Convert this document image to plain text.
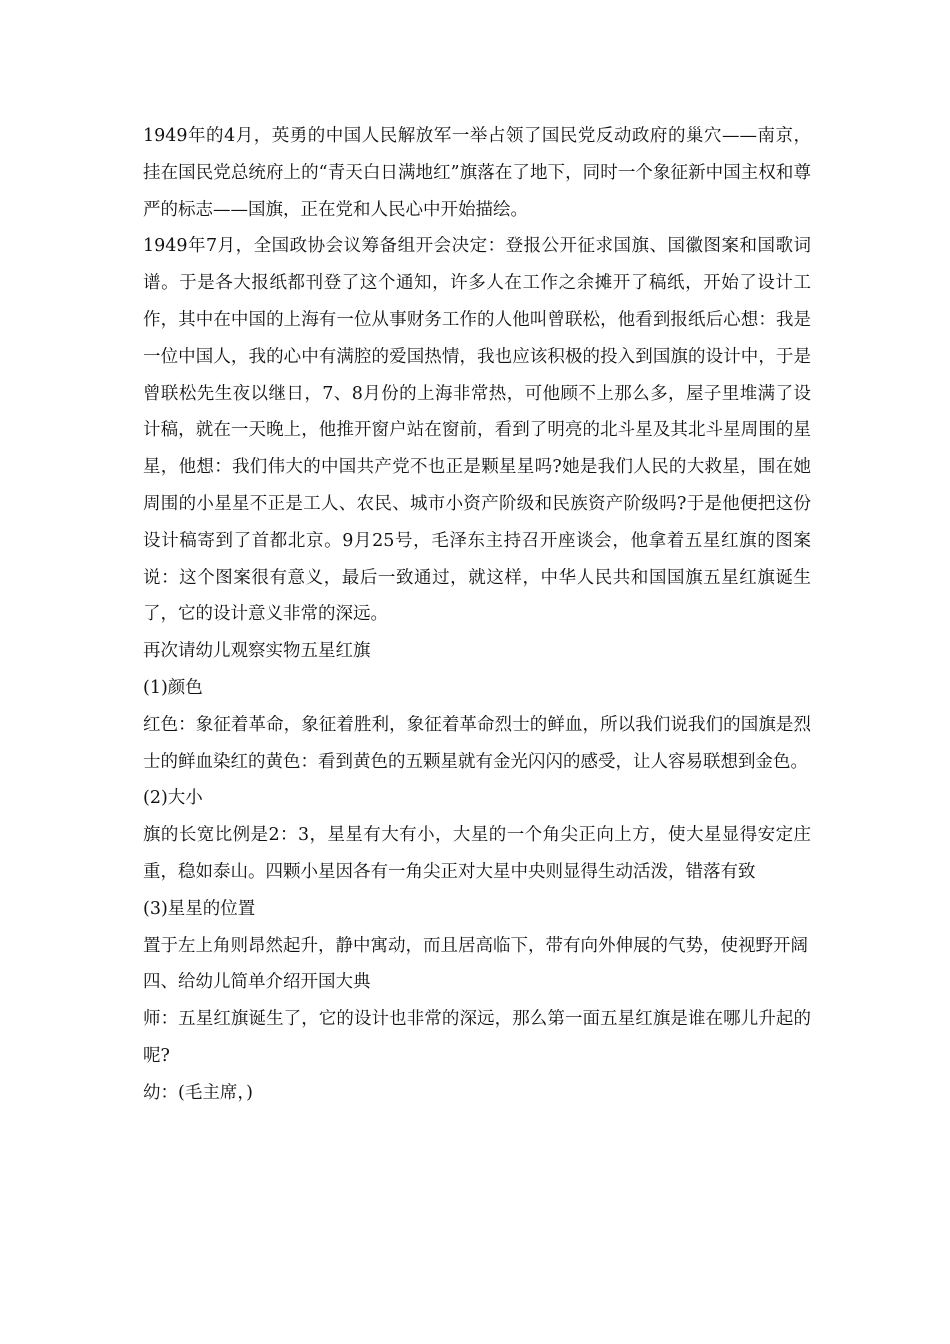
1949年的4月，英勇的中国人民解放军一举占领了国民党反动政府的巢穴——南京，挂在国民党总统府上的“青天白日满地红”旗落在了地下，同时一个象征新中国主权和尊严的标志——国旗，正在党和人民心中开始描绘。

1949年7月，全国政协会议筹备组开会决定：登报公开征求国旗、国徽图案和国歌词谱。于是各大报纸都刊登了这个通知，许多人在工作之余摊开了稿纸，开始了设计工作，其中在中国的上海有一位从事财务工作的人他叫曾联松，他看到报纸后心想：我是一位中国人，我的心中有满腔的爱国热情，我也应该积极的投入到国旗的设计中，于是曾联松先生夜以继日，7、8月份的上海非常热，可他顾不上那么多，屋子里堆满了设计稿，就在一天晚上，他推开窗户站在窗前，看到了明亮的北斗星及其北斗星周围的星星，他想：我们伟大的中国共产党不也正是颗星星吗?她是我们人民的大救星，围在她周围的小星星不正是工人、农民、城市小资产阶级和民族资产阶级吗?于是他便把这份设计稿寄到了首都北京。9月25号，毛泽东主持召开座谈会，他拿着五星红旗的图案说：这个图案很有意义，最后一致通过，就这样，中华人民共和国国旗五星红旗诞生了，它的设计意义非常的深远。

再次请幼儿观察实物五星红旗

(1)颜色

红色：象征着革命，象征着胜利，象征着革命烈士的鲜血，所以我们说我们的国旗是烈士的鲜血染红的黄色：看到黄色的五颗星就有金光闪闪的感受，让人容易联想到金色。

(2)大小

旗的长宽比例是2：3，星星有大有小，大星的一个角尖正向上方，使大星显得安定庄重，稳如泰山。四颗小星因各有一角尖正对大星中央则显得生动活泼，错落有致

(3)星星的位置

置于左上角则昂然起升，静中寓动，而且居高临下，带有向外伸展的气势，使视野开阔

四、给幼儿简单介绍开国大典

师：五星红旗诞生了，它的设计也非常的深远，那么第一面五星红旗是谁在哪儿升起的呢?

幼：(毛主席，)
